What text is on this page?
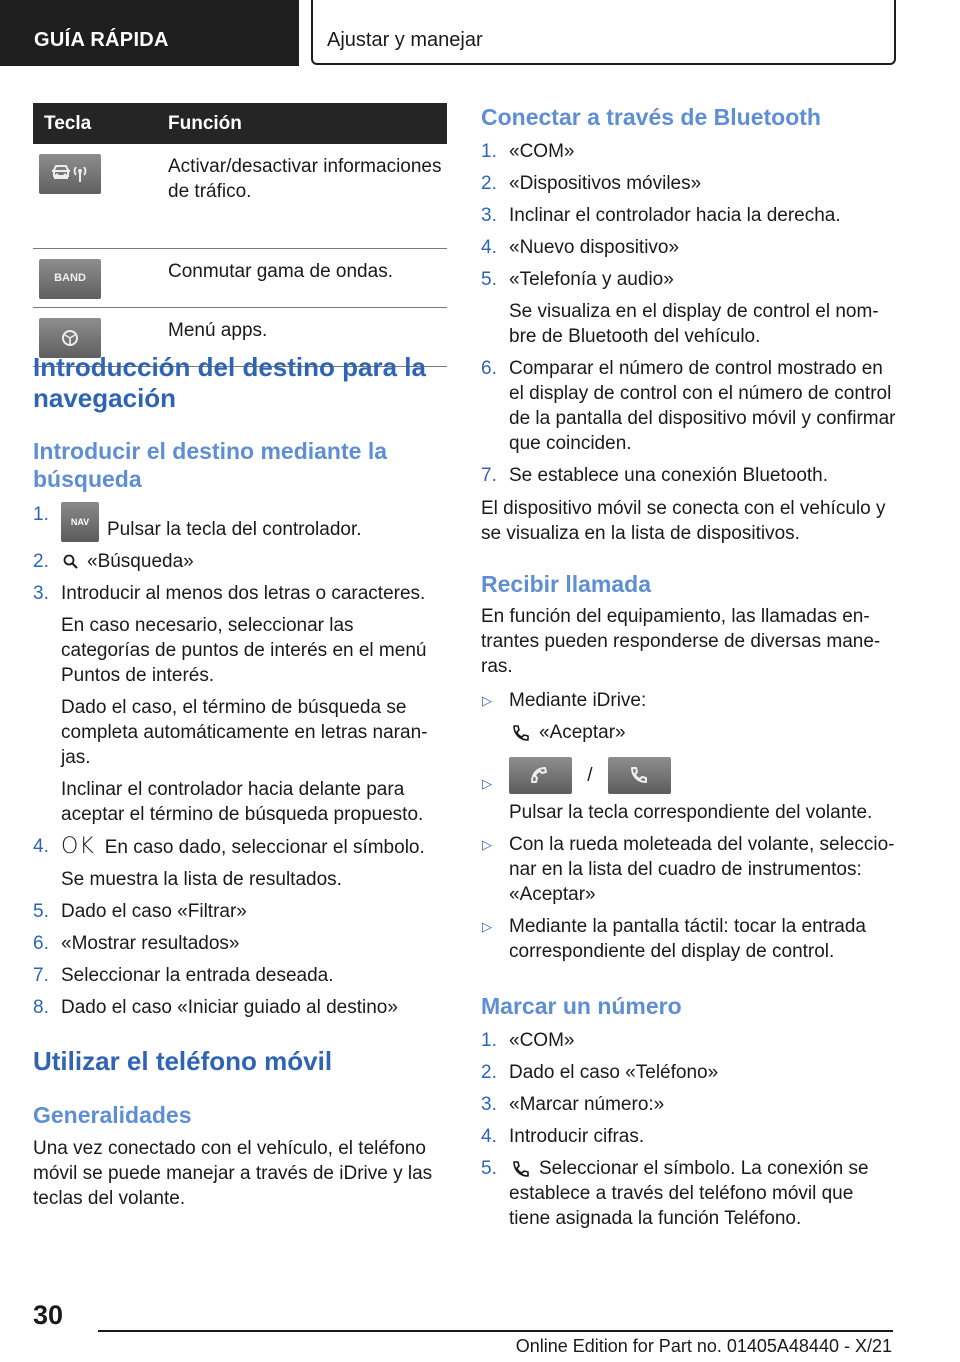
GUÍA RÁPIDA	Ajustar y manejar
Tecla	Función

	Activar/desactivar informaciones de tráfico.

BAND	Conmutar gama de ondas.

	Menú apps.
Introducción del destino para la navegación
Introducir el destino mediante la búsqueda
1. NAV Pulsar la tecla del controlador.
2. «Búsqueda»
3. Introducir al menos dos letras o caracteres.
En caso necesario, seleccionar las categorías de puntos de interés en el menú Puntos de interés.
Dado el caso, el término de búsqueda se completa automáticamente en letras naran‐ jas.
Inclinar el controlador hacia delante para aceptar el término de búsqueda propuesto.
4. OK En caso dado, seleccionar el símbolo.
Se muestra la lista de resultados.
5. Dado el caso «Filtrar»
6. «Mostrar resultados»
7. Seleccionar la entrada deseada.
8. Dado el caso «Iniciar guiado al destino»
Utilizar el teléfono móvil
Generalidades

Una vez conectado con el vehículo, el teléfono móvil se puede manejar a través de iDrive y las teclas del volante.

Conectar a través de Bluetooth
1. «COM»
2. «Dispositivos móviles»
3. Inclinar el controlador hacia la derecha.
4. «Nuevo dispositivo»
5. «Telefonía y audio»
Se visualiza en el display de control el nom‐ bre de Bluetooth del vehículo.
6. Comparar el número de control mostrado en el display de control con el número de control de la pantalla del dispositivo móvil y confirmar que coinciden.
7. Se establece una conexión Bluetooth.

El dispositivo móvil se conecta con el vehículo y se visualiza en la lista de dispositivos.

Recibir llamada

En función del equipamiento, las llamadas en‐ trantes pueden responderse de diversas mane‐ ras.

▷ Mediante iDrive:
«Aceptar»
▷	/
Pulsar la tecla correspondiente del volante.
▷ Con la rueda moleteada del volante, seleccio‐ nar en la lista del cuadro de instrumentos: «Aceptar»
▷ Mediante la pantalla táctil: tocar la entrada correspondiente del display de control.
Marcar un número
1. «COM»
2. Dado el caso «Teléfono»
3. «Marcar número:»
4. Introducir cifras.
5. Seleccionar el símbolo. La conexión se establece a través del teléfono móvil que tiene asignada la función Teléfono.
30
Online Edition for Part no. 01405A48440 - X/21
